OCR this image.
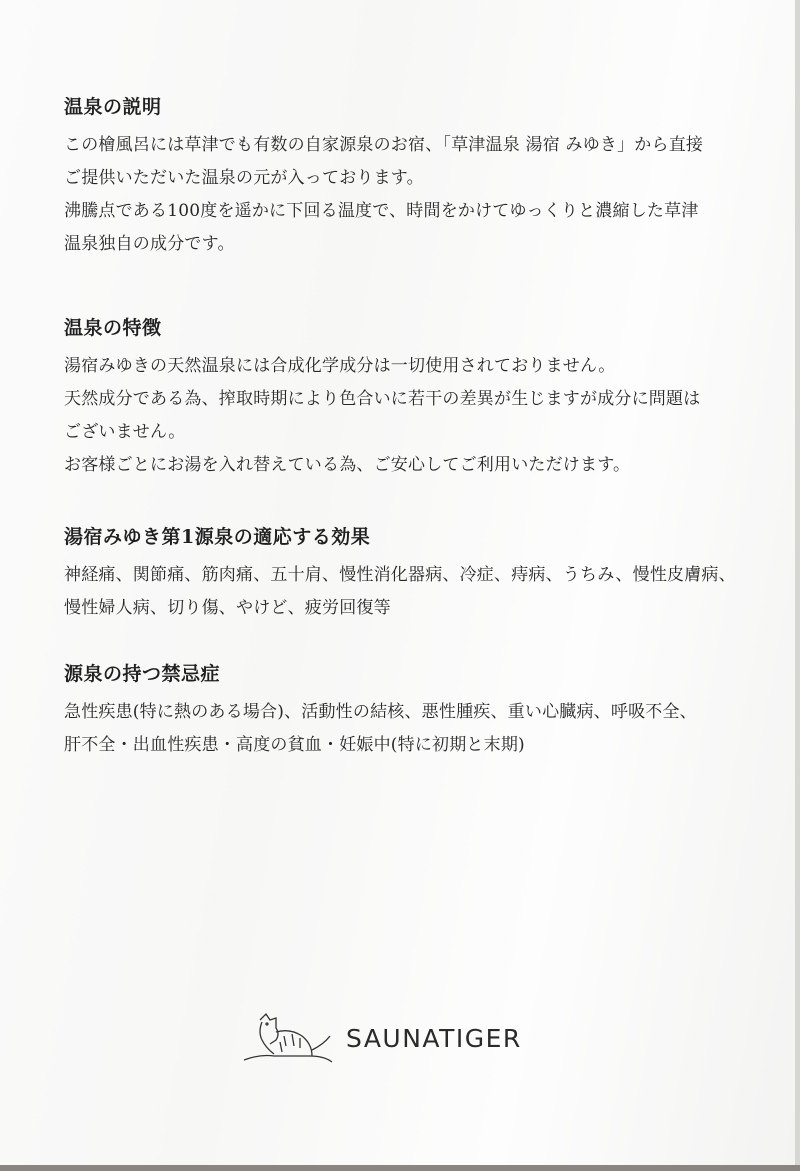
温泉の説明

この檜風呂には草津でも有数の自家源泉のお宿、「草津温泉 湯宿 みゆき」から直接

ご提供いただいた温泉の元が入っております。

沸騰点である100度を遥かに下回る温度で、時間をかけてゆっくりと濃縮した草津

温泉独自の成分です。

温泉の特徴

湯宿みゆきの天然温泉には合成化学成分は一切使用されておりません。

天然成分である為、搾取時期により色合いに若干の差異が生じますが成分に問題は

ございません。

お客様ごとにお湯を入れ替えている為、ご安心してご利用いただけます。

湯宿みゆき第1源泉の適応する効果

神経痛、関節痛、筋肉痛、五十肩、慢性消化器病、冷症、痔病、うちみ、慢性皮膚病、

慢性婦人病、切り傷、やけど、疲労回復等

源泉の持つ禁忌症

急性疾患(特に熱のある場合)、活動性の結核、悪性腫疾、重い心臓病、呼吸不全、

肝不全・出血性疾患・高度の貧血・妊娠中(特に初期と末期)

SAUNATIGER
